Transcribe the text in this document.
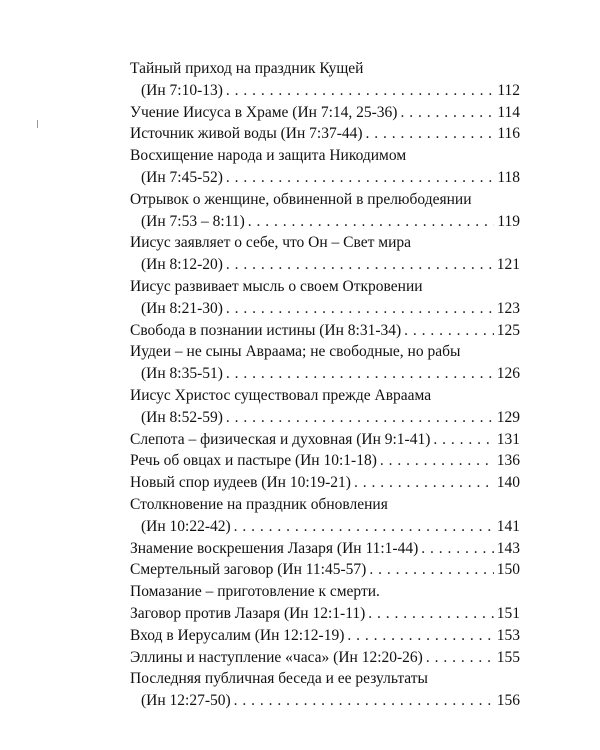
Тайный приход на праздник Кущей
(Ин 7:10-13) . . .	112
Учение Иисуса в Храме (Ин 7:14, 25-36) . . .	114
Источник живой воды (Ин 7:37-44) . . .	116
Восхищение народа и защита Никодимом
(Ин 7:45-52) . . .	118
Отрывок о женщине, обвиненной в прелюбодеянии
(Ин 7:53 – 8:11) . . .	119
Иисус заявляет о себе, что Он – Свет мира
(Ин 8:12-20) . . .	121
Иисус развивает мысль о своем Откровении
(Ин 8:21-30) . . .	123
Свобода в познании истины (Ин 8:31-34) . . .	125
Иудеи – не сыны Авраама; не свободные, но рабы
(Ин 8:35-51) . . .	126
Иисус Христос существовал прежде Авраама
(Ин 8:52-59) . . .	129
Слепота – физическая и духовная (Ин 9:1-41) . . .	131
Речь об овцах и пастыре (Ин 10:1-18) . . .	136
Новый спор иудеев (Ин 10:19-21) . . .	140
Столкновение на праздник обновления
(Ин 10:22-42) . . .	141
Знамение воскрешения Лазаря (Ин 11:1-44) . . .	143
Смертельный заговор (Ин 11:45-57) . . .	150
Помазание – приготовление к смерти.
Заговор против Лазаря (Ин 12:1-11) . . .	151
Вход в Иерусалим (Ин 12:12-19) . . .	153
Эллины и наступление «часа» (Ин 12:20-26) . . .	155
Последняя публичная беседа и ее результаты
(Ин 12:27-50) . . .	156
